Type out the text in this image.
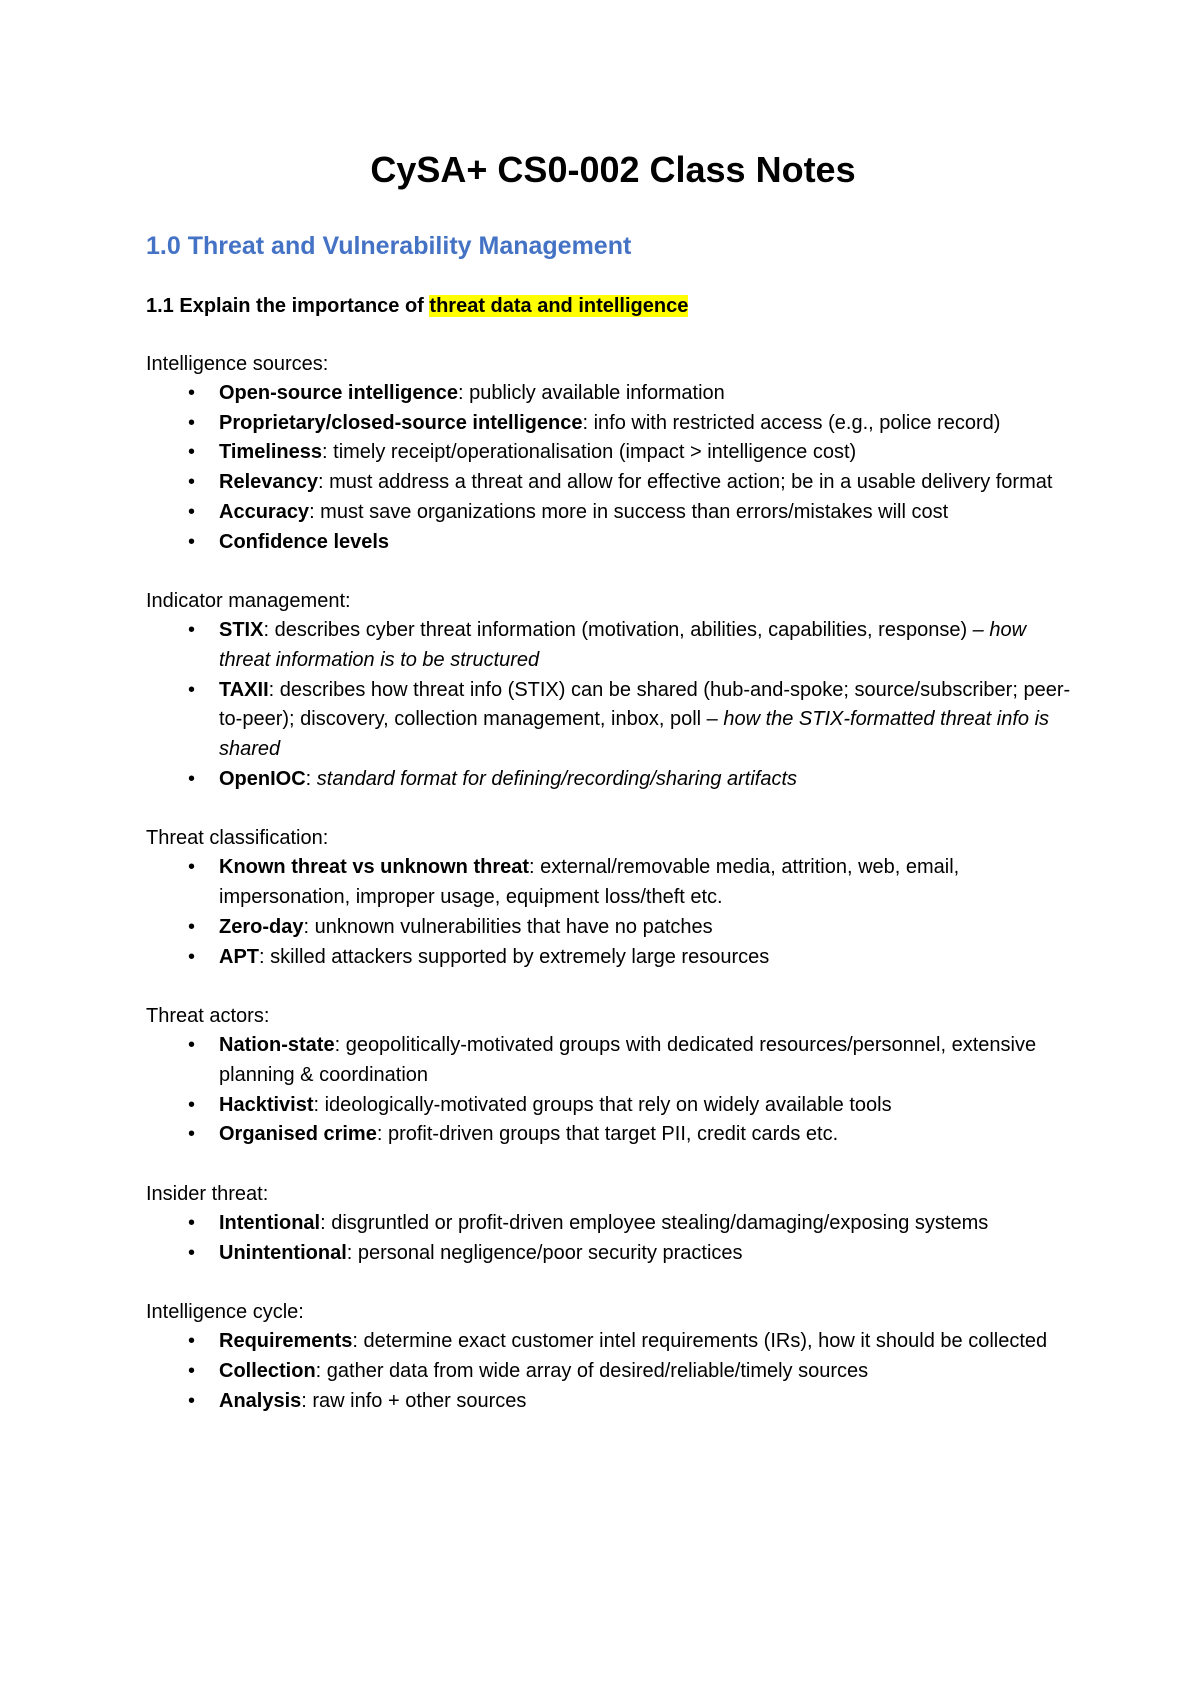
CySA+ CS0-002 Class Notes
1.0 Threat and Vulnerability Management
1.1 Explain the importance of threat data and intelligence
Intelligence sources:
• Open-source intelligence: publicly available information
• Proprietary/closed-source intelligence: info with restricted access (e.g., police record)
• Timeliness: timely receipt/operationalisation (impact > intelligence cost)
• Relevancy: must address a threat and allow for effective action; be in a usable delivery format
• Accuracy: must save organizations more in success than errors/mistakes will cost
• Confidence levels
Indicator management:
• STIX: describes cyber threat information (motivation, abilities, capabilities, response) – how threat information is to be structured
• TAXII: describes how threat info (STIX) can be shared (hub-and-spoke; source/subscriber; peer-to-peer); discovery, collection management, inbox, poll – how the STIX-formatted threat info is shared
• OpenIOC: standard format for defining/recording/sharing artifacts
Threat classification:
• Known threat vs unknown threat: external/removable media, attrition, web, email, impersonation, improper usage, equipment loss/theft etc.
• Zero-day: unknown vulnerabilities that have no patches
• APT: skilled attackers supported by extremely large resources
Threat actors:
• Nation-state: geopolitically-motivated groups with dedicated resources/personnel, extensive planning & coordination
• Hacktivist: ideologically-motivated groups that rely on widely available tools
• Organised crime: profit-driven groups that target PII, credit cards etc.
Insider threat:
• Intentional: disgruntled or profit-driven employee stealing/damaging/exposing systems
• Unintentional: personal negligence/poor security practices
Intelligence cycle:
• Requirements: determine exact customer intel requirements (IRs), how it should be collected
• Collection: gather data from wide array of desired/reliable/timely sources
• Analysis: raw info + other sources
